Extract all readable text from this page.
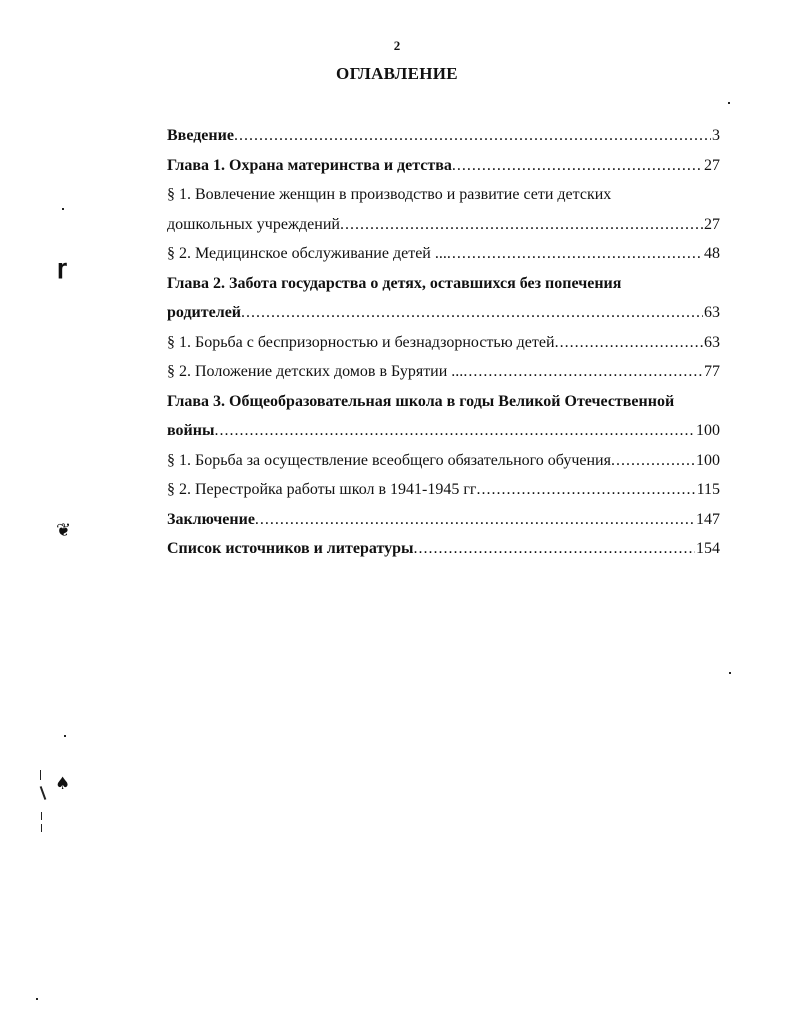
2
ОГЛАВЛЕНИЕ
Введение .....	3
Глава 1. Охрана материнства и детства .....	27
§ 1. Вовлечение женщин в производство и развитие сети детских
дошкольных учреждений .....	27
§ 2. Медицинское обслуживание детей ... .....	48
Глава 2. Забота государства о детях, оставшихся без попечения
родителей .....	63
§ 1. Борьба с беспризорностью и безнадзорностью детей .....	63
§ 2. Положение детских домов в Бурятии ... .....	77
Глава 3. Общеобразовательная школа в годы Великой Отечественной
войны .....	100
§ 1. Борьба за осуществление всеобщего обязательного обучения .....	100
§ 2. Перестройка работы школ в 1941-1945 гг .....	115
Заключение .....	147
Список источников и литературы .....	154
ɼ
❦
♠
